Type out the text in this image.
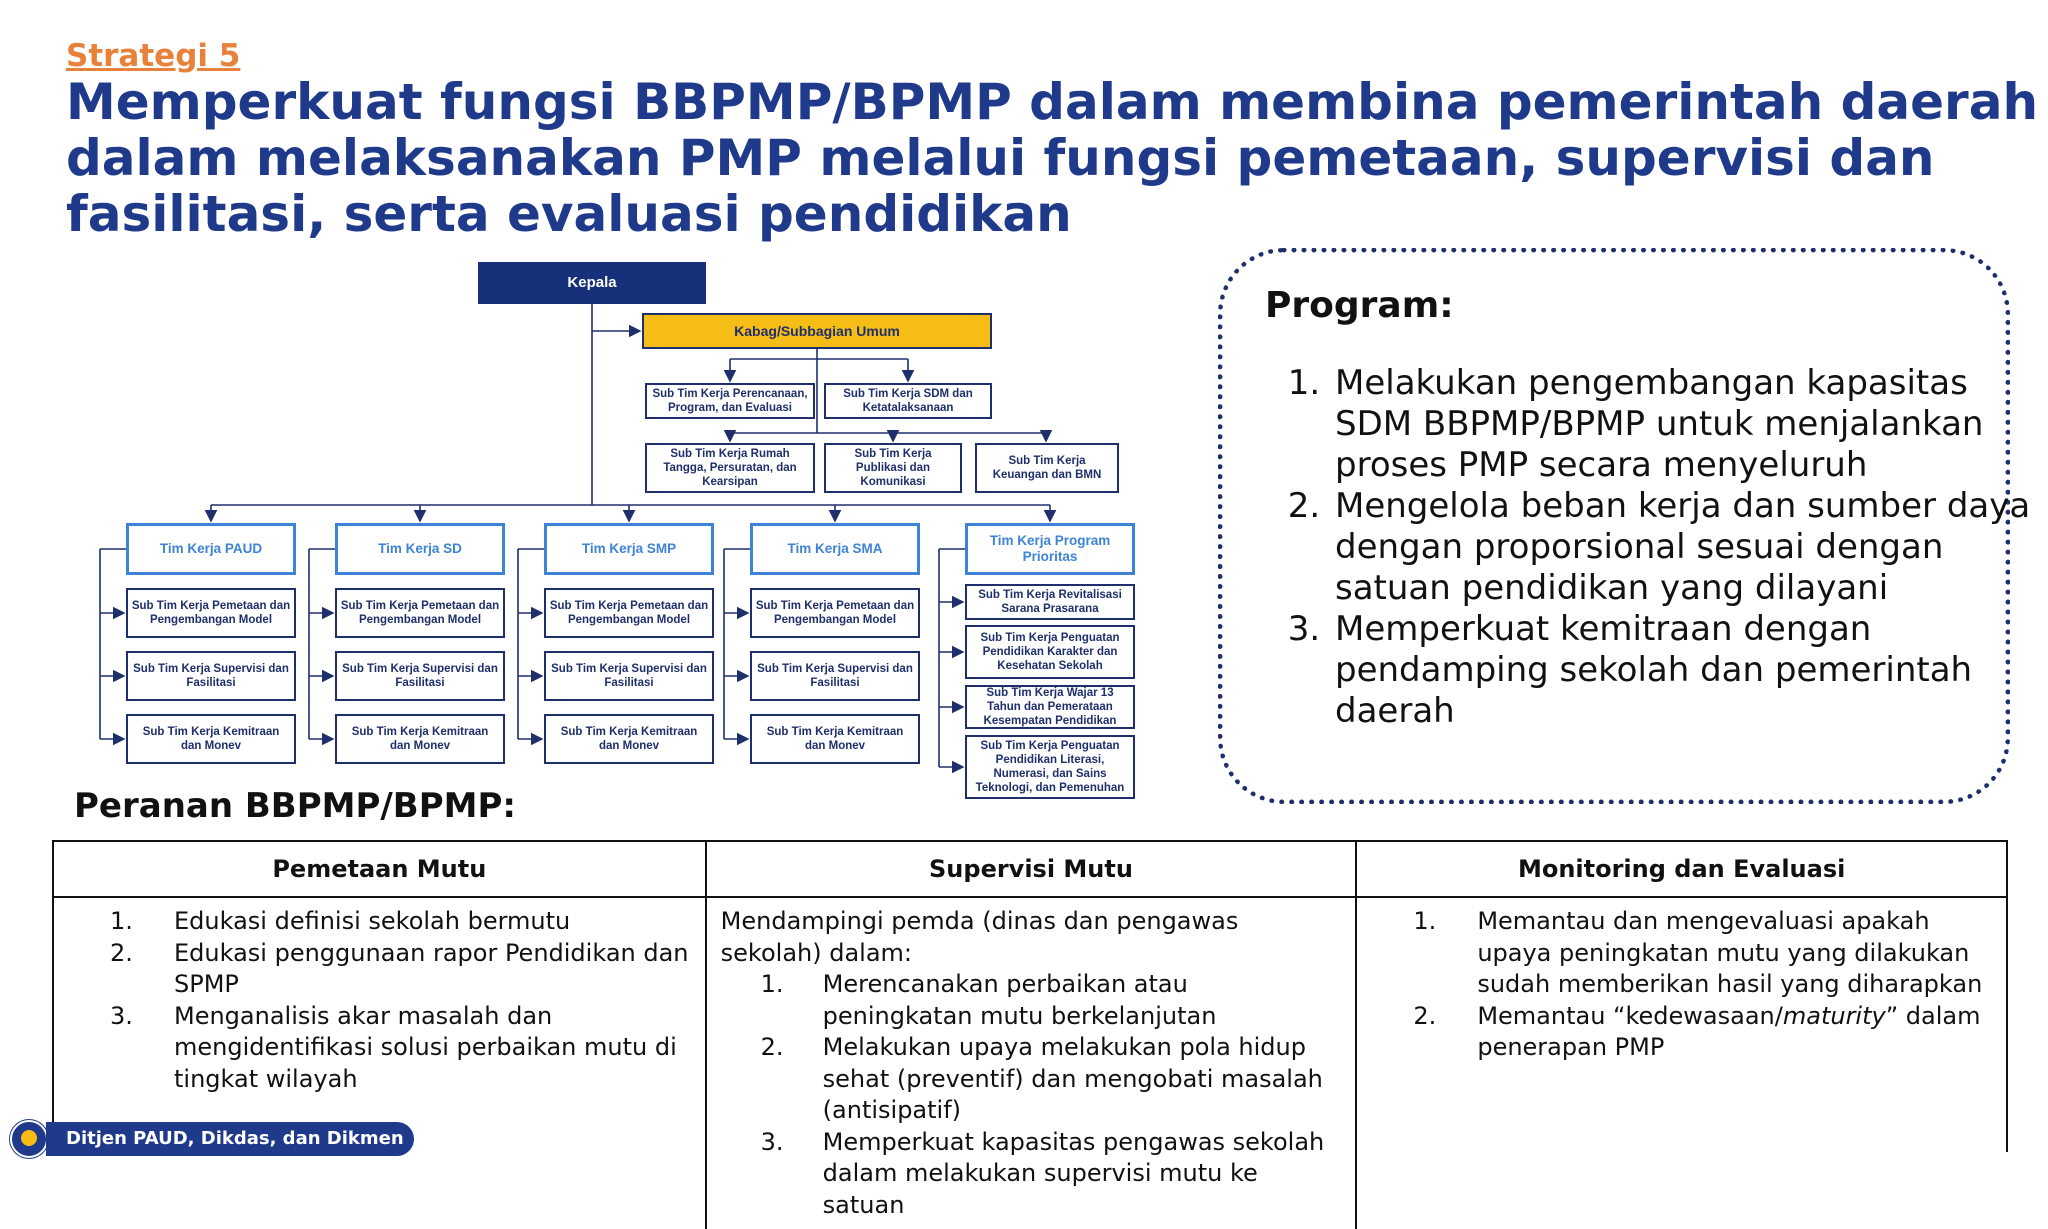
Strategi 5
Memperkuat fungsi BBPMP/BPMP dalam membina pemerintah daerah
dalam melaksanakan PMP melalui fungsi pemetaan, supervisi dan
fasilitasi, serta evaluasi pendidikan
Kepala
Kabag/Subbagian Umum
Sub Tim Kerja Perencanaan, Program, dan Evaluasi
Sub Tim Kerja SDM dan Ketatalaksanaan
Sub Tim Kerja Rumah Tangga, Persuratan, dan Kearsipan
Sub Tim Kerja Publikasi dan Komunikasi
Sub Tim Kerja Keuangan dan BMN
Tim Kerja PAUD	Tim Kerja SD	Tim Kerja SMP	Tim Kerja SMA
Tim Kerja Program Prioritas
Sub Tim Kerja Pemetaan dan Pengembangan Model
Sub Tim Kerja Supervisi dan Fasilitasi
Sub Tim Kerja Kemitraan dan Monev
Sub Tim Kerja Pemetaan dan Pengembangan Model
Sub Tim Kerja Supervisi dan Fasilitasi
Sub Tim Kerja Kemitraan dan Monev
Sub Tim Kerja Pemetaan dan Pengembangan Model
Sub Tim Kerja Supervisi dan Fasilitasi
Sub Tim Kerja Kemitraan dan Monev
Sub Tim Kerja Pemetaan dan Pengembangan Model
Sub Tim Kerja Supervisi dan Fasilitasi
Sub Tim Kerja Kemitraan dan Monev
Sub Tim Kerja Revitalisasi Sarana Prasarana
Sub Tim Kerja Penguatan Pendidikan Karakter dan Kesehatan Sekolah
Sub Tim Kerja Wajar 13 Tahun dan Pemerataan Kesempatan Pendidikan
Sub Tim Kerja Penguatan Pendidikan Literasi, Numerasi, dan Sains Teknologi, dan Pemenuhan
Program:
1. Melakukan pengembangan kapasitas SDM BBPMP/BPMP untuk menjalankan proses PMP secara menyeluruh
2. Mengelola beban kerja dan sumber daya dengan proporsional sesuai dengan satuan pendidikan yang dilayani
3. Memperkuat kemitraan dengan pendamping sekolah dan pemerintah daerah
Peranan BBPMP/BPMP:
Pemetaan Mutu	Supervisi Mutu	Monitoring dan Evaluasi
1. Edukasi definisi sekolah bermutu
2. Edukasi penggunaan rapor Pendidikan dan SPMP
3. Menganalisis akar masalah dan mengidentifikasi solusi perbaikan mutu di tingkat wilayah

Mendampingi pemda (dinas dan pengawas sekolah) dalam:

1. Merencanakan perbaikan atau peningkatan mutu berkelanjutan
2. Melakukan upaya melakukan pola hidup sehat (preventif) dan mengobati masalah (antisipatif)
3. Memperkuat kapasitas pengawas sekolah dalam melakukan supervisi mutu ke satuan
1. Memantau dan mengevaluasi apakah upaya peningkatan mutu yang dilakukan sudah memberikan hasil yang diharapkan
2. Memantau “kedewasaan/maturity” dalam penerapan PMP
Ditjen PAUD, Dikdas, dan Dikmen
